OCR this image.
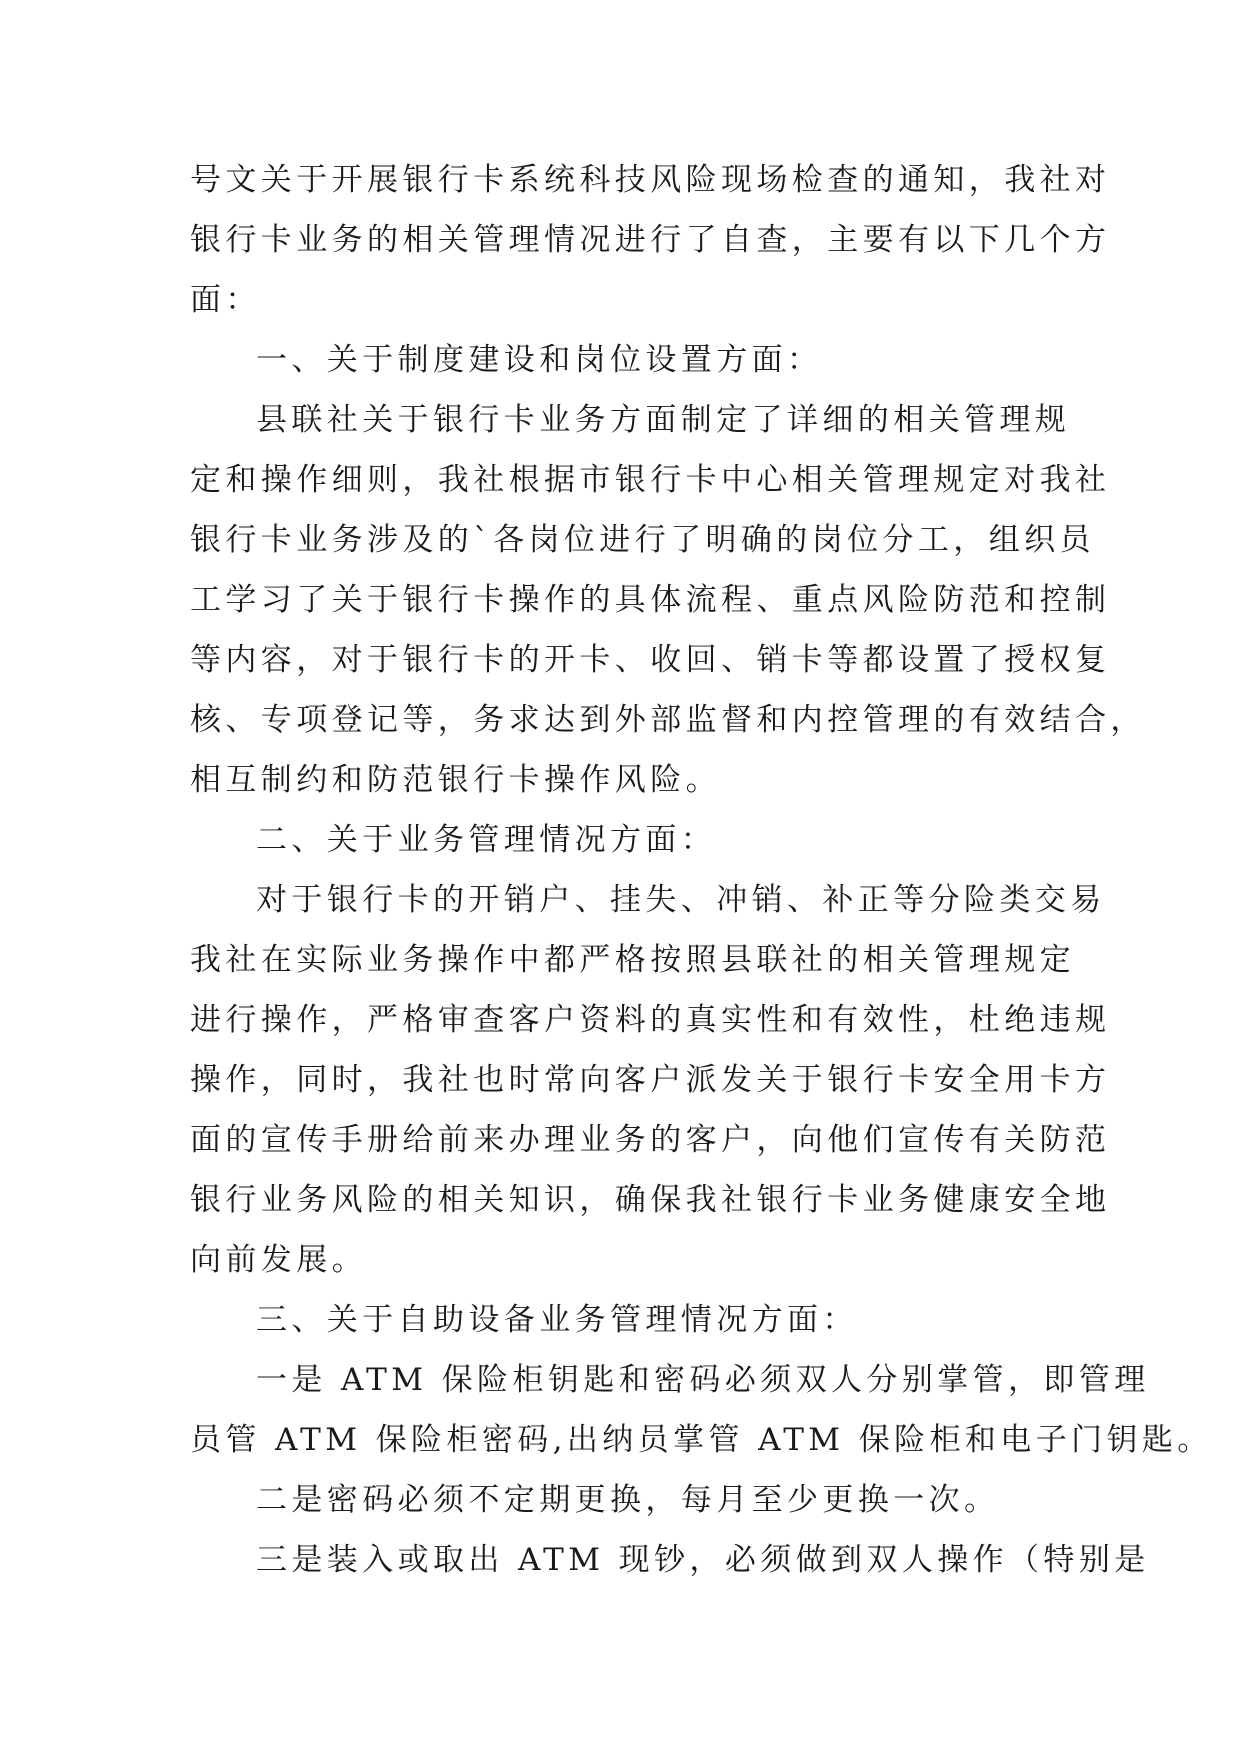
号文关于开展银行卡系统科技风险现场检查的通知，我社对
银行卡业务的相关管理情况进行了自查，主要有以下几个方
面：
一、关于制度建设和岗位设置方面：
县联社关于银行卡业务方面制定了详细的相关管理规
定和操作细则，我社根据市银行卡中心相关管理规定对我社
银行卡业务涉及的`各岗位进行了明确的岗位分工，组织员
工学习了关于银行卡操作的具体流程、重点风险防范和控制
等内容，对于银行卡的开卡、收回、销卡等都设置了授权复
核、专项登记等，务求达到外部监督和内控管理的有效结合，
相互制约和防范银行卡操作风险。
二、关于业务管理情况方面：
对于银行卡的开销户、挂失、冲销、补正等分险类交易
我社在实际业务操作中都严格按照县联社的相关管理规定
进行操作，严格审查客户资料的真实性和有效性，杜绝违规
操作，同时，我社也时常向客户派发关于银行卡安全用卡方
面的宣传手册给前来办理业务的客户，向他们宣传有关防范
银行业务风险的相关知识，确保我社银行卡业务健康安全地
向前发展。
三、关于自助设备业务管理情况方面：
一是 ATM 保险柜钥匙和密码必须双人分别掌管，即管理
员管 ATM 保险柜密码,出纳员掌管 ATM 保险柜和电子门钥匙。
二是密码必须不定期更换，每月至少更换一次。
三是装入或取出 ATM 现钞，必须做到双人操作（特别是
